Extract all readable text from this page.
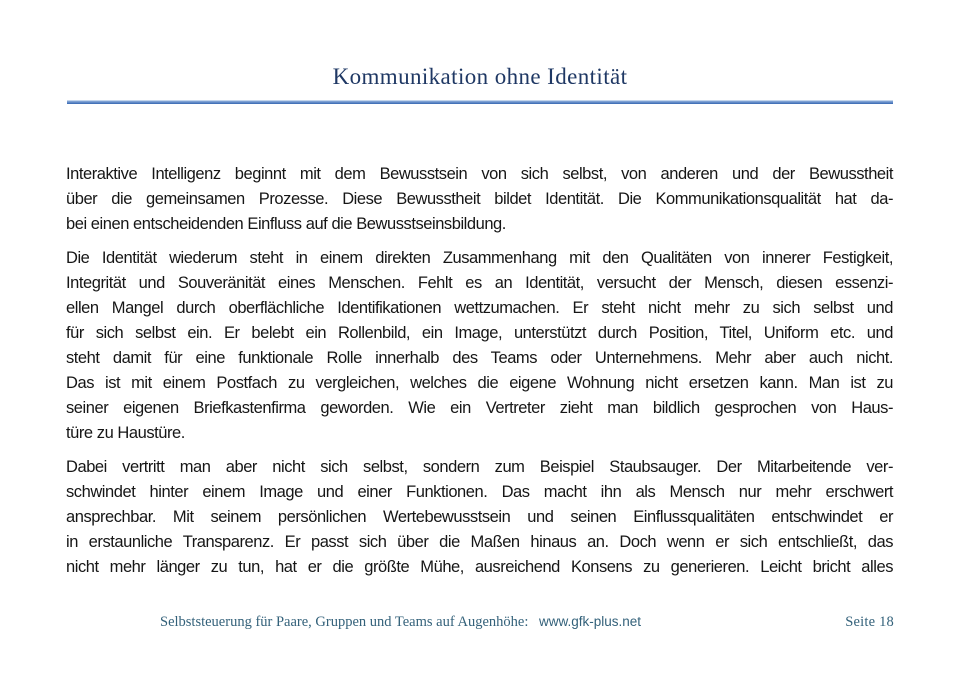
Kommunikation ohne Identität
Interaktive Intelligenz beginnt mit dem Bewusstsein von sich selbst, von anderen und der Bewusstheit
über die gemeinsamen Prozesse. Diese Bewusstheit bildet Identität. Die Kommunikationsqualität hat da-
bei einen entscheidenden Einfluss auf die Bewusstseinsbildung.
Die Identität wiederum steht in einem direkten Zusammenhang mit den Qualitäten von innerer Festigkeit,
Integrität und Souveränität eines Menschen. Fehlt es an Identität, versucht der Mensch, diesen essenzi-
ellen Mangel durch oberflächliche Identifikationen wettzumachen. Er steht nicht mehr zu sich selbst und
für sich selbst ein. Er belebt ein Rollenbild, ein Image, unterstützt durch Position, Titel, Uniform etc. und
steht damit für eine funktionale Rolle innerhalb des Teams oder Unternehmens. Mehr aber auch nicht.
Das ist mit einem Postfach zu vergleichen, welches die eigene Wohnung nicht ersetzen kann. Man ist zu
seiner eigenen Briefkastenfirma geworden. Wie ein Vertreter zieht man bildlich gesprochen von Haus-
türe zu Haustüre.
Dabei vertritt man aber nicht sich selbst, sondern zum Beispiel Staubsauger. Der Mitarbeitende ver-
schwindet hinter einem Image und einer Funktionen. Das macht ihn als Mensch nur mehr erschwert
ansprechbar. Mit seinem persönlichen Wertebewusstsein und seinen Einflussqualitäten entschwindet er
in erstaunliche Transparenz. Er passt sich über die Maßen hinaus an. Doch wenn er sich entschließt, das
nicht mehr länger zu tun, hat er die größte Mühe, ausreichend Konsens zu generieren. Leicht bricht alles
Selbststeuerung für Paare, Gruppen und Teams auf Augenhöhe: www.gfk-plus.net	Seite 18
